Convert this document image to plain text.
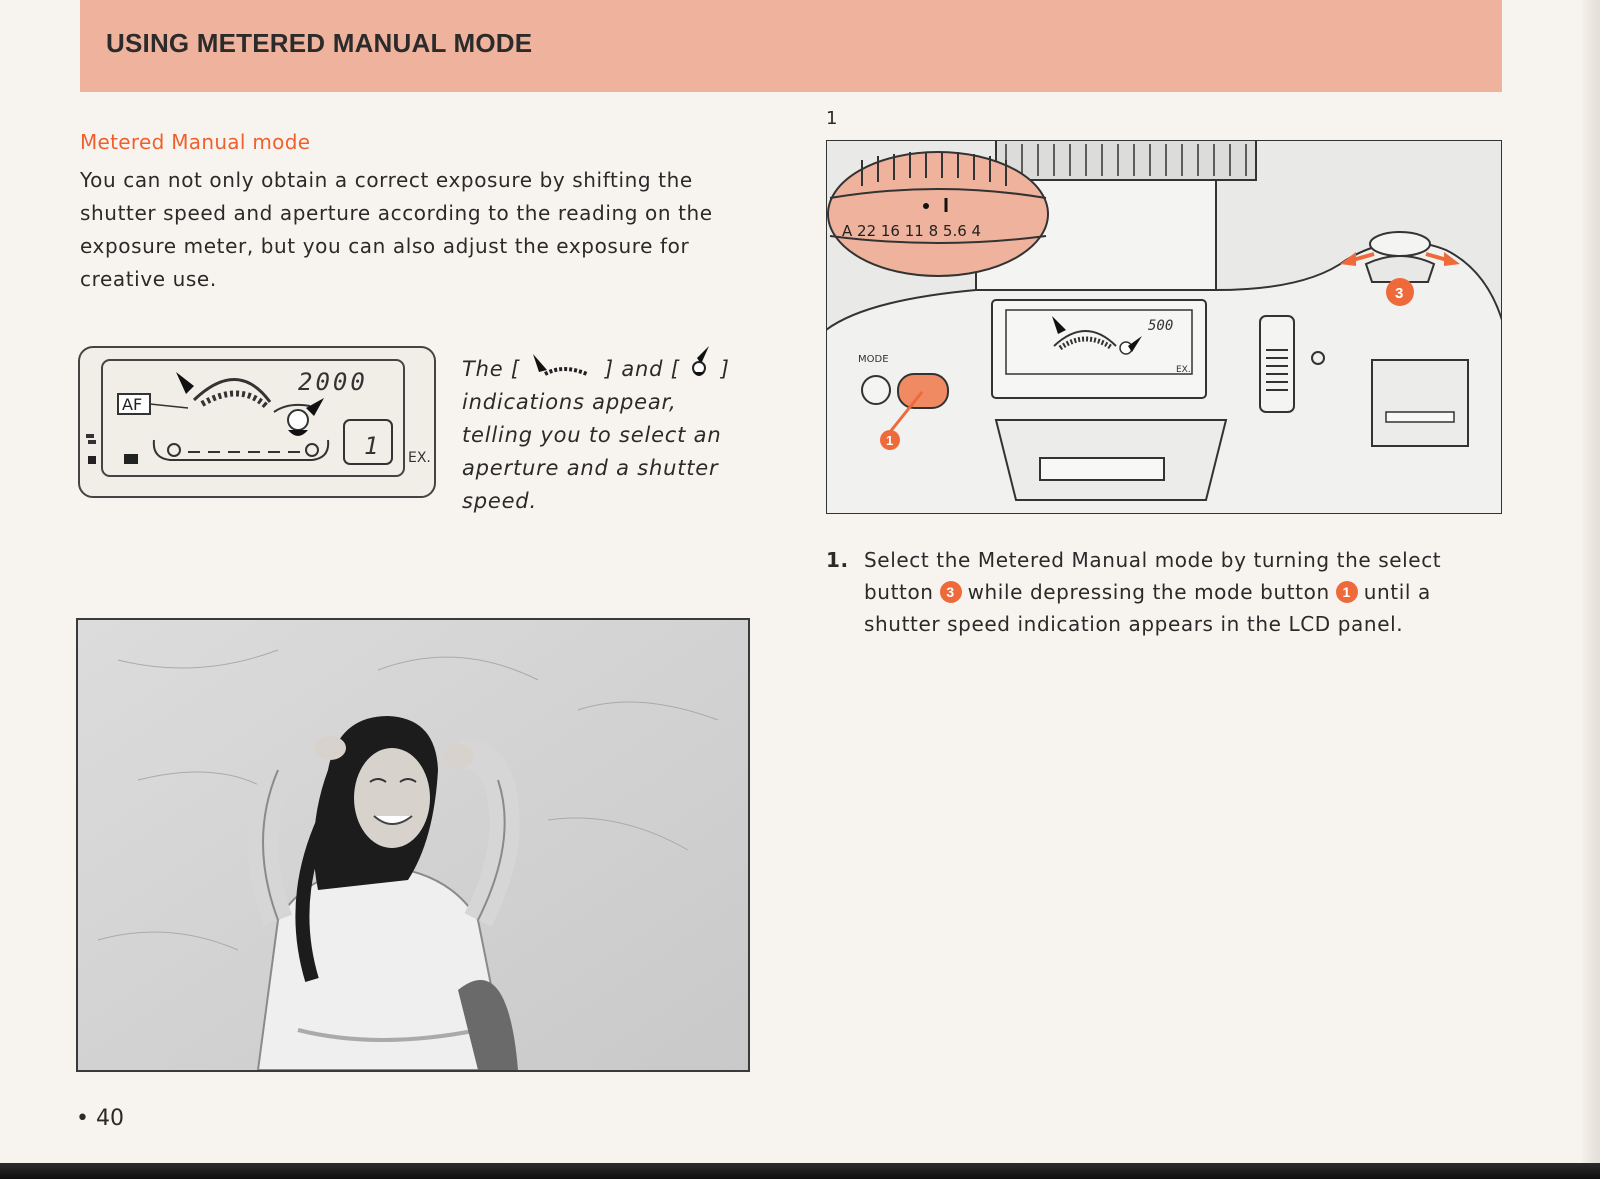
USING METERED MANUAL MODE
Metered Manual mode
You can not only obtain a correct exposure by shifting the shutter speed and aperture according to the reading on the exposure meter, but you can also adjust the exposure for creative use.
AF
2000
1 EX.
The [	] and [ ]
indications appear,
telling you to select an
aperture and a shutter
speed.
1
A 22 16 11 8 5.6 4
500
EX.
MODE
1
3
1. Select the Metered Manual mode by turning the select button 3 while depressing the mode button 1 until a shutter speed indication appears in the LCD panel.
• 40
